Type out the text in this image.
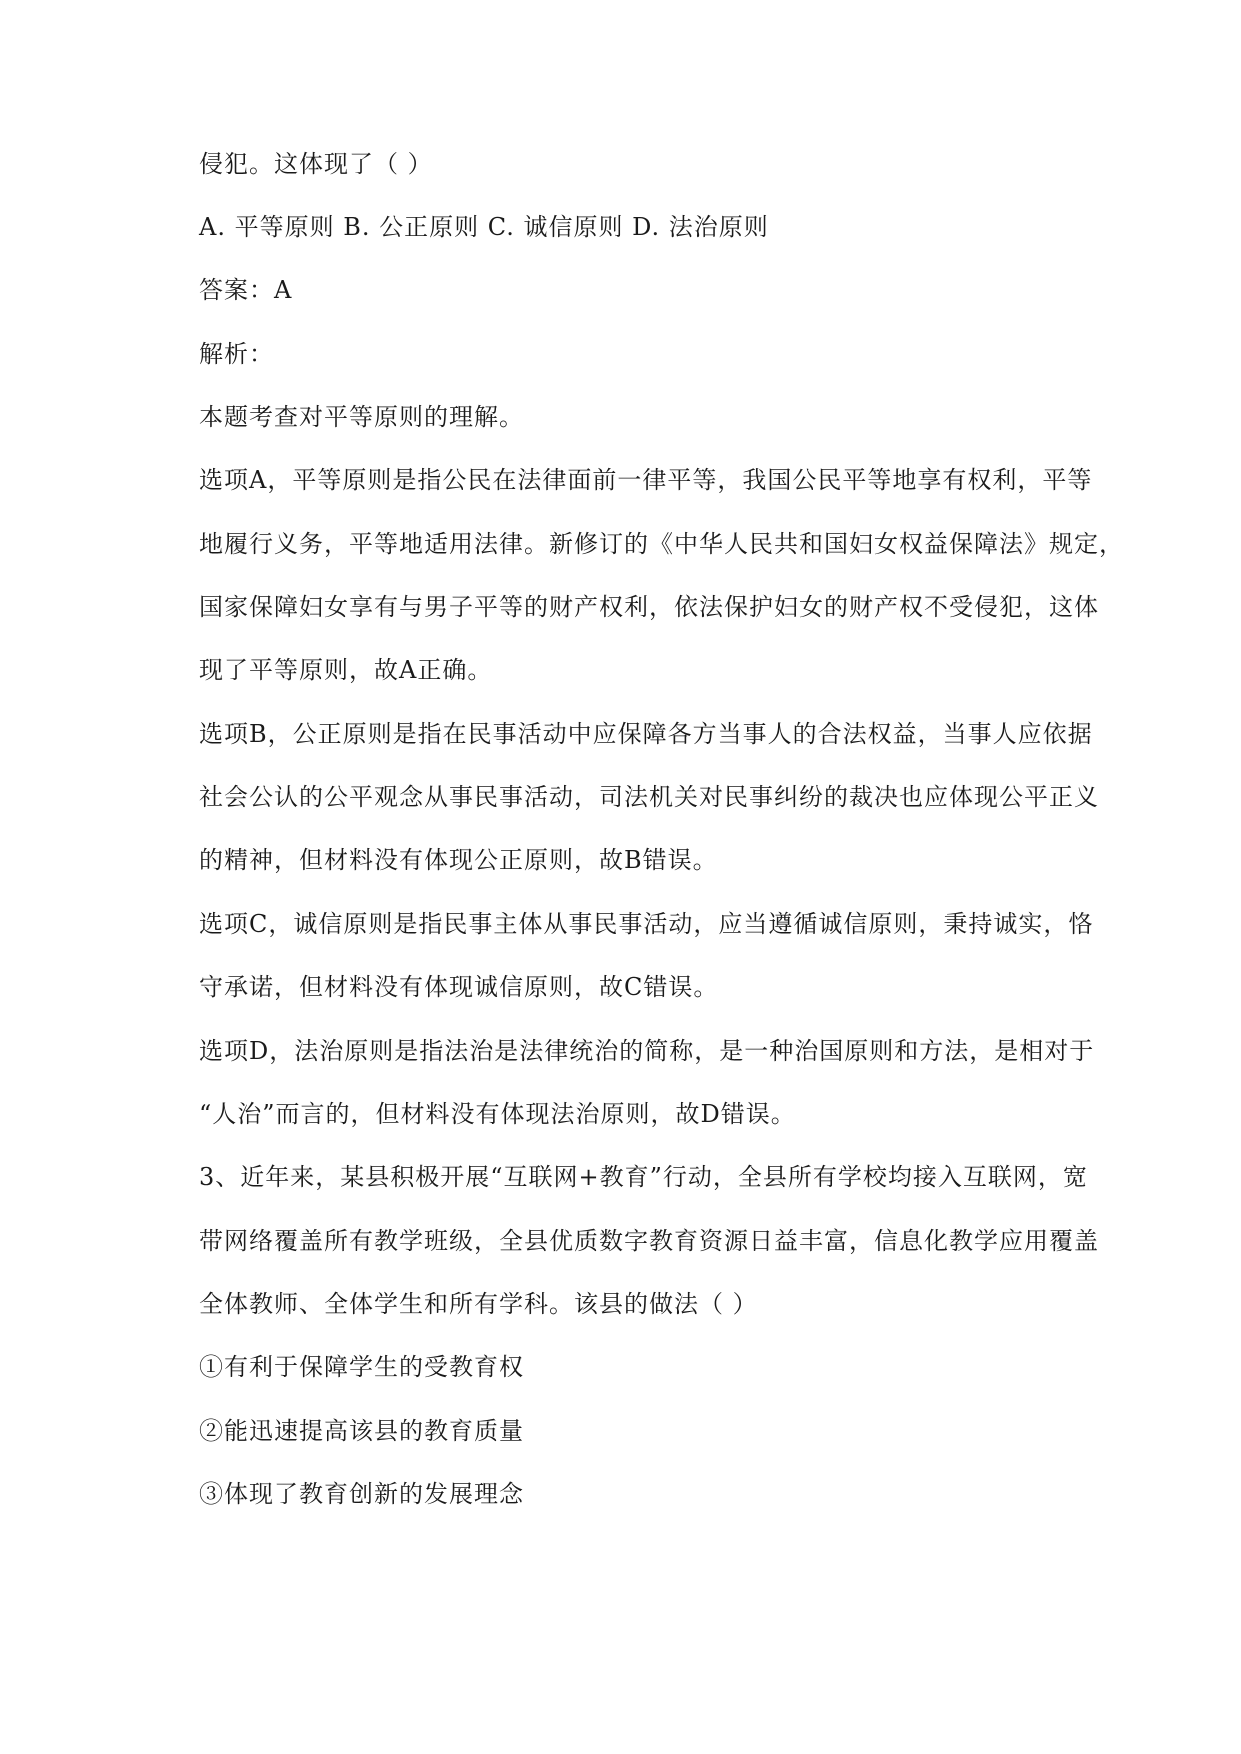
侵犯。这体现了（ ）

A. 平等原则 B. 公正原则 C. 诚信原则 D. 法治原则

答案：A

解析：

本题考查对平等原则的理解。

选项A，平等原则是指公民在法律面前一律平等，我国公民平等地享有权利，平等

地履行义务，平等地适用法律。新修订的《中华人民共和国妇女权益保障法》规定，

国家保障妇女享有与男子平等的财产权利，依法保护妇女的财产权不受侵犯，这体

现了平等原则，故A正确。

选项B，公正原则是指在民事活动中应保障各方当事人的合法权益，当事人应依据

社会公认的公平观念从事民事活动，司法机关对民事纠纷的裁决也应体现公平正义

的精神，但材料没有体现公正原则，故B错误。

选项C，诚信原则是指民事主体从事民事活动，应当遵循诚信原则，秉持诚实，恪

守承诺，但材料没有体现诚信原则，故C错误。

选项D，法治原则是指法治是法律统治的简称，是一种治国原则和方法，是相对于

“人治”而言的，但材料没有体现法治原则，故D错误。

3、近年来，某县积极开展“互联网+教育”行动，全县所有学校均接入互联网，宽

带网络覆盖所有教学班级，全县优质数字教育资源日益丰富，信息化教学应用覆盖

全体教师、全体学生和所有学科。该县的做法（ ）

①有利于保障学生的受教育权

②能迅速提高该县的教育质量

③体现了教育创新的发展理念
